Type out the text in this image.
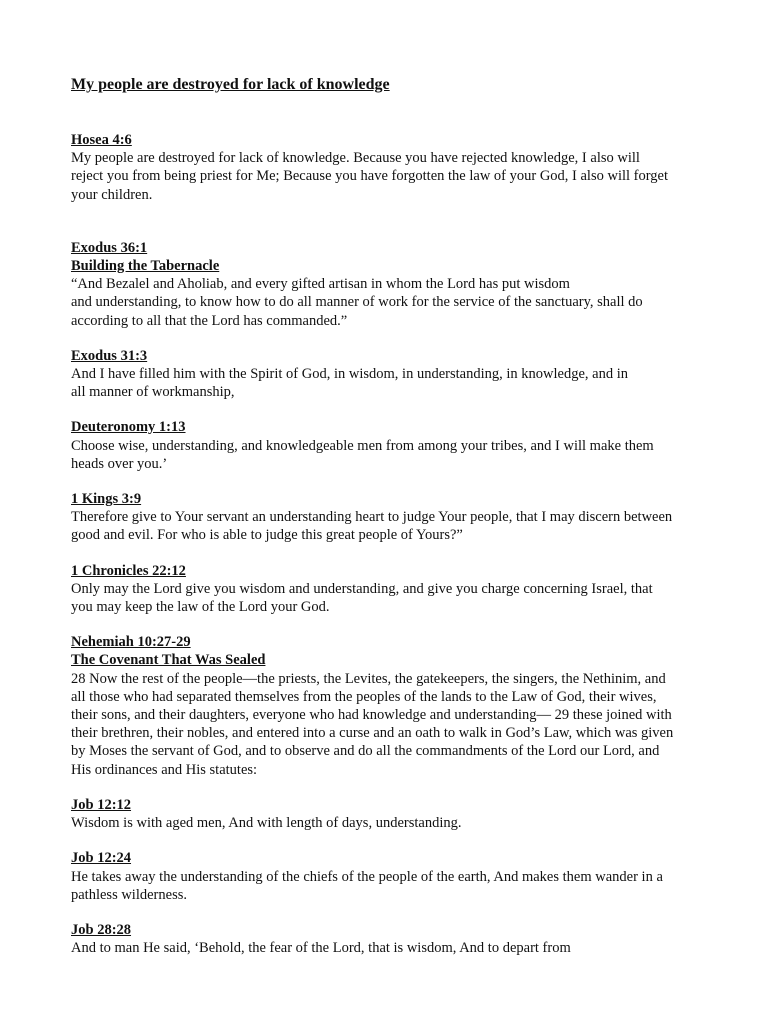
My people are destroyed for lack of knowledge
Hosea 4:6
My people are destroyed for lack of knowledge. Because you have rejected knowledge, I also will
reject you from being priest for Me; Because you have forgotten the law of your God, I also will forget
your children.
Exodus 36:1
Building the Tabernacle
“And Bezalel and Aholiab, and every gifted artisan in whom the Lord has put wisdom
and understanding, to know how to do all manner of work for the service of the sanctuary, shall do
according to all that the Lord has commanded.”
Exodus 31:3
And I have filled him with the Spirit of God, in wisdom, in understanding, in knowledge, and in
all manner of workmanship,
Deuteronomy 1:13
Choose wise, understanding, and knowledgeable men from among your tribes, and I will make them
heads over you.’
1 Kings 3:9
Therefore give to Your servant an understanding heart to judge Your people, that I may discern between
good and evil. For who is able to judge this great people of Yours?”
1 Chronicles 22:12
Only may the Lord give you wisdom and understanding, and give you charge concerning Israel, that
you may keep the law of the Lord your God.
Nehemiah 10:27-29
The Covenant That Was Sealed
28 Now the rest of the people—the priests, the Levites, the gatekeepers, the singers, the Nethinim, and
all those who had separated themselves from the peoples of the lands to the Law of God, their wives,
their sons, and their daughters, everyone who had knowledge and understanding— 29 these joined with
their brethren, their nobles, and entered into a curse and an oath to walk in God’s Law, which was given
by Moses the servant of God, and to observe and do all the commandments of the Lord our Lord, and
His ordinances and His statutes:
Job 12:12
Wisdom is with aged men, And with length of days, understanding.
Job 12:24
He takes away the understanding of the chiefs of the people of the earth, And makes them wander in a
pathless wilderness.
Job 28:28
And to man He said, ‘Behold, the fear of the Lord, that is wisdom, And to depart from
